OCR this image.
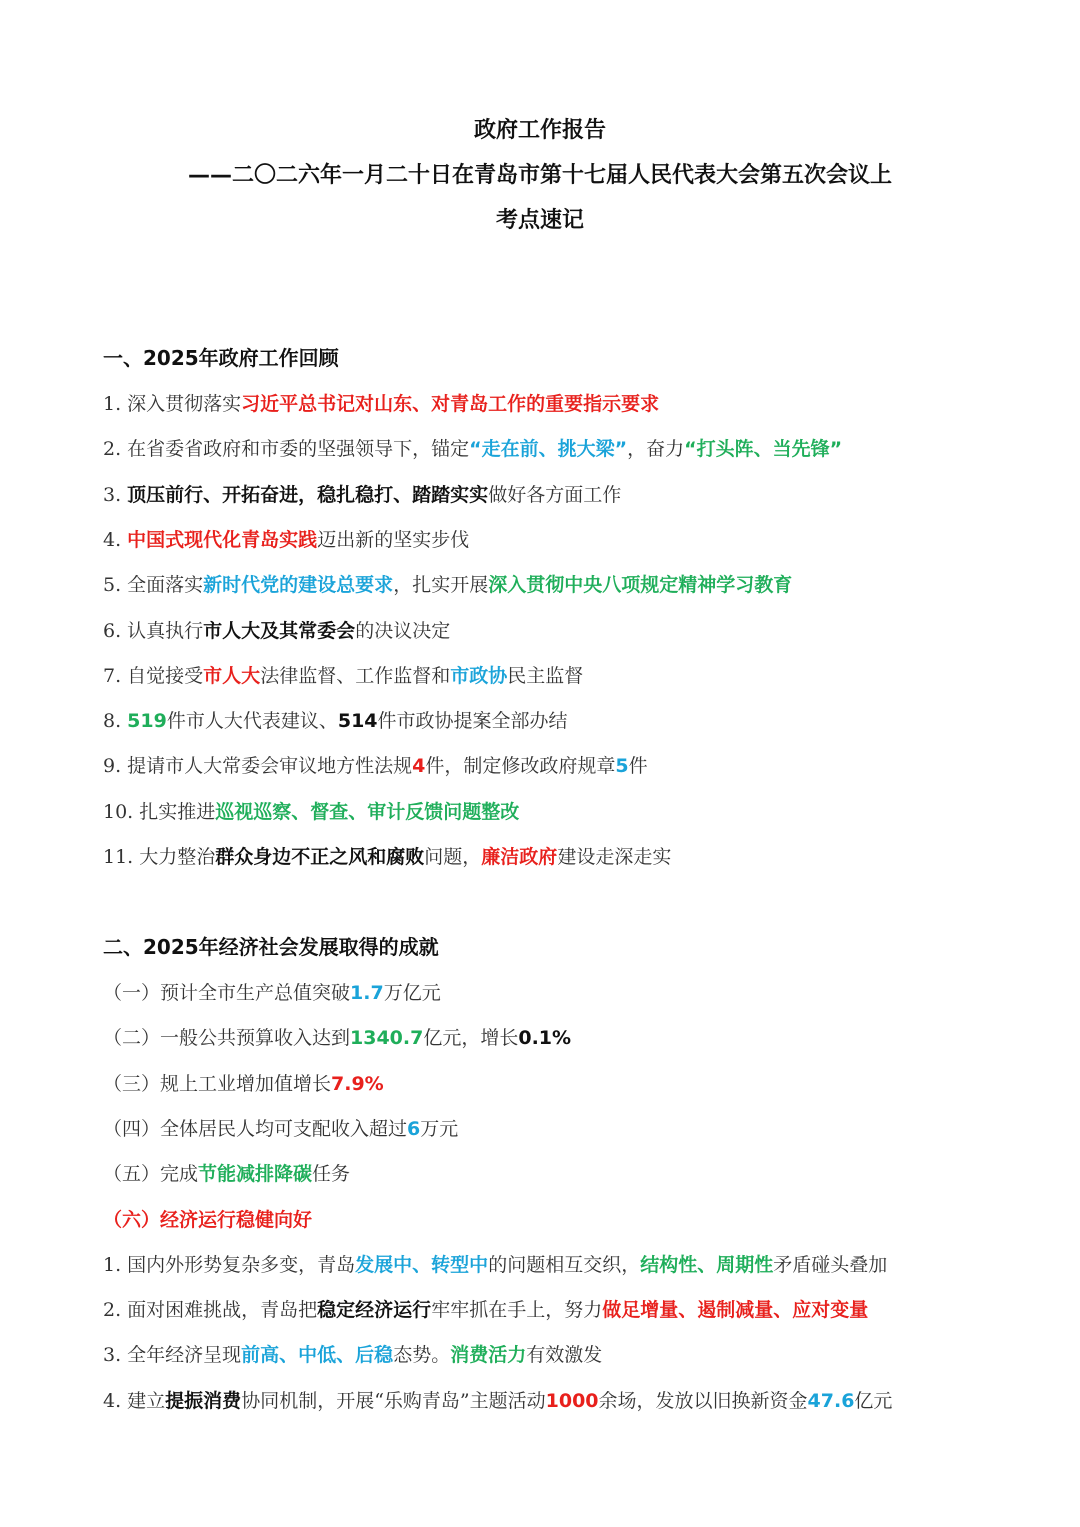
政府工作报告
——二〇二六年一月二十日在青岛市第十七届人民代表大会第五次会议上
考点速记
一、2025年政府工作回顾
1. 深入贯彻落实习近平总书记对山东、对青岛工作的重要指示要求
2. 在省委省政府和市委的坚强领导下，锚定“走在前、挑大梁”，奋力“打头阵、当先锋”
3. 顶压前行、开拓奋进，稳扎稳打、踏踏实实做好各方面工作
4. 中国式现代化青岛实践迈出新的坚实步伐
5. 全面落实新时代党的建设总要求，扎实开展深入贯彻中央八项规定精神学习教育
6. 认真执行市人大及其常委会的决议决定
7. 自觉接受市人大法律监督、工作监督和市政协民主监督
8. 519件市人大代表建议、514件市政协提案全部办结
9. 提请市人大常委会审议地方性法规4件，制定修改政府规章5件
10. 扎实推进巡视巡察、督查、审计反馈问题整改
11. 大力整治群众身边不正之风和腐败问题，廉洁政府建设走深走实
二、2025年经济社会发展取得的成就
（一）预计全市生产总值突破1.7万亿元
（二）一般公共预算收入达到1340.7亿元，增长0.1%
（三）规上工业增加值增长7.9%
（四）全体居民人均可支配收入超过6万元
（五）完成节能减排降碳任务
（六）经济运行稳健向好
1. 国内外形势复杂多变，青岛发展中、转型中的问题相互交织，结构性、周期性矛盾碰头叠加
2. 面对困难挑战，青岛把稳定经济运行牢牢抓在手上，努力做足增量、遏制减量、应对变量
3. 全年经济呈现前高、中低、后稳态势。消费活力有效激发
4. 建立提振消费协同机制，开展“乐购青岛”主题活动1000余场，发放以旧换新资金47.6亿元
